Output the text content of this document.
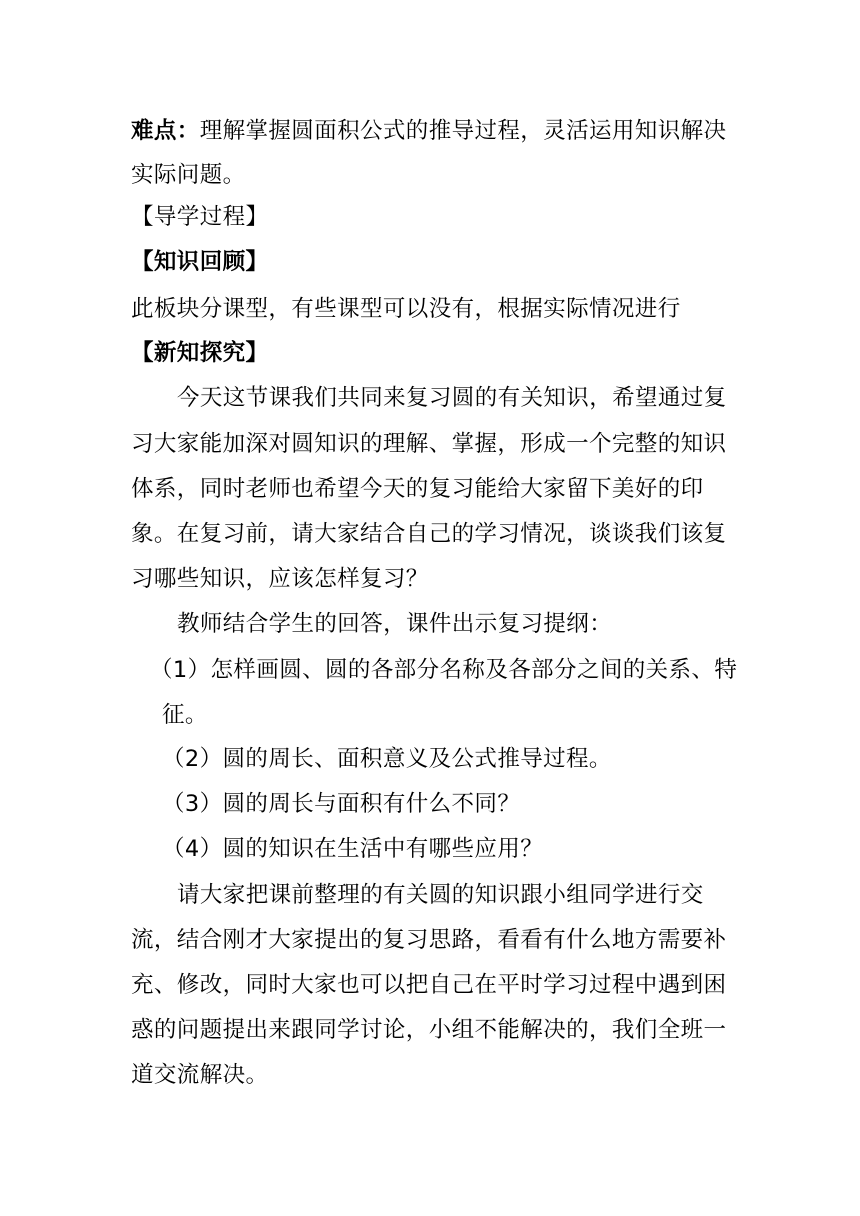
难点：理解掌握圆面积公式的推导过程，灵活运用知识解决
实际问题。
【导学过程】
【知识回顾】
此板块分课型，有些课型可以没有，根据实际情况进行
【新知探究】
今天这节课我们共同来复习圆的有关知识，希望通过复
习大家能加深对圆知识的理解、掌握，形成一个完整的知识
体系，同时老师也希望今天的复习能给大家留下美好的印
象。在复习前，请大家结合自己的学习情况，谈谈我们该复
习哪些知识，应该怎样复习？
教师结合学生的回答，课件出示复习提纲：
（1）怎样画圆、圆的各部分名称及各部分之间的关系、特
征。
（2）圆的周长、面积意义及公式推导过程。
（3）圆的周长与面积有什么不同？
（4）圆的知识在生活中有哪些应用？
请大家把课前整理的有关圆的知识跟小组同学进行交
流，结合刚才大家提出的复习思路，看看有什么地方需要补
充、修改，同时大家也可以把自己在平时学习过程中遇到困
惑的问题提出来跟同学讨论，小组不能解决的，我们全班一
道交流解决。
